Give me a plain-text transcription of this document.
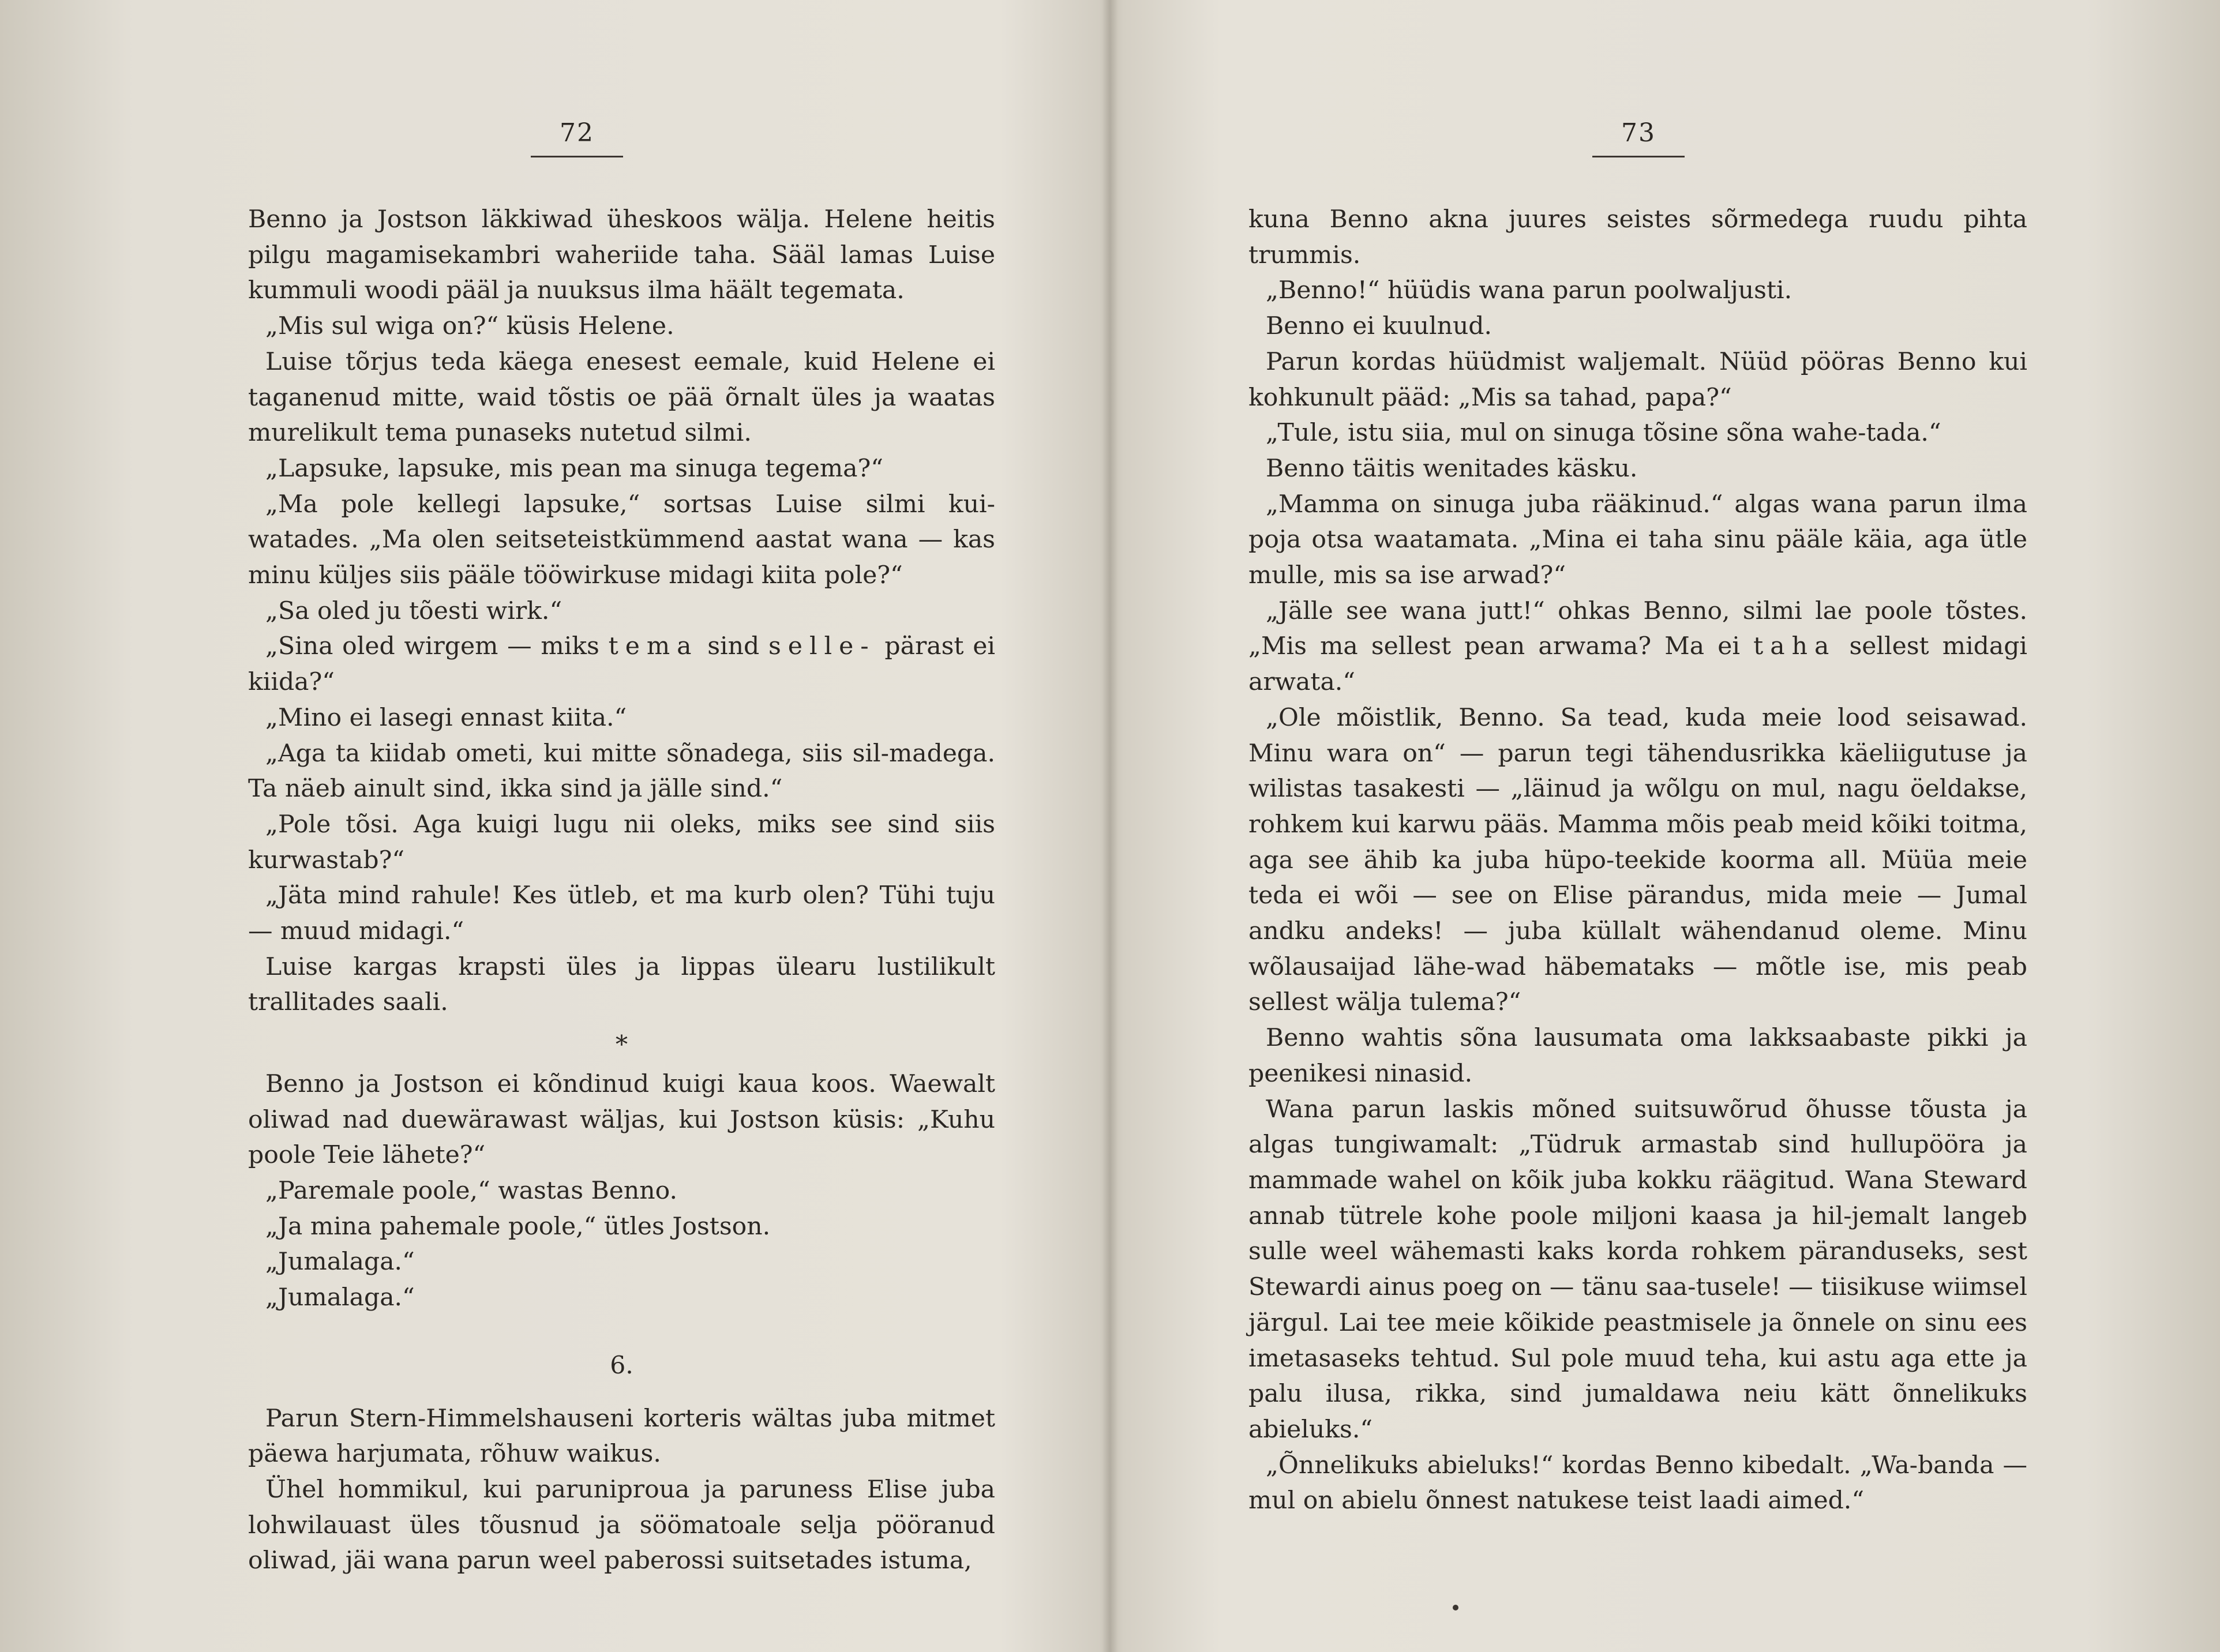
72

Benno ja Jostson läkkiwad üheskoos wälja. Helene heitis pilgu magamisekambri waheriide taha. Sääl lamas Luise kummuli woodi pääl ja nuuksus ilma häält tegemata.

„Mis sul wiga on?“ küsis Helene.

Luise tõrjus teda käega enesest eemale, kuid Helene ei taganenud mitte, waid tõstis oe pää õrnalt üles ja waatas murelikult tema punaseks nutetud silmi.

„Lapsuke, lapsuke, mis pean ma sinuga tegema?“

„Ma pole kellegi lapsuke,“ sortsas Luise silmi kui-watades. „Ma olen seitseteistkümmend aastat wana — kas minu küljes siis pääle tööwirkuse midagi kiita pole?“

„Sa oled ju tõesti wirk.“

„Sina oled wirgem — miks tema sind selle- pärast ei kiida?“

„Mino ei lasegi ennast kiita.“

„Aga ta kiidab ometi, kui mitte sõnadega, siis sil-madega. Ta näeb ainult sind, ikka sind ja jälle sind.“

„Pole tõsi. Aga kuigi lugu nii oleks, miks see sind siis kurwastab?“

„Jäta mind rahule! Kes ütleb, et ma kurb olen? Tühi tuju — muud midagi.“

Luise kargas krapsti üles ja lippas ülearu lustilikult trallitades saali.

*

Benno ja Jostson ei kõndinud kuigi kaua koos. Waewalt oliwad nad duewärawast wäljas, kui Jostson küsis: „Kuhu poole Teie lähete?“

„Paremale poole,“ wastas Benno.

„Ja mina pahemale poole,“ ütles Jostson.

„Jumalaga.“

„Jumalaga.“

6.

Parun Stern-Himmelshauseni korteris wältas juba mitmet päewa harjumata, rõhuw waikus.

Ühel hommikul, kui paruniproua ja paruness Elise juba lohwilauast üles tõusnud ja söömatoale selja pööranud oliwad, jäi wana parun weel paberossi suitsetades istuma,

73

kuna Benno akna juures seistes sõrmedega ruudu pihta trummis.

„Benno!“ hüüdis wana parun poolwaljusti.

Benno ei kuulnud.

Parun kordas hüüdmist waljemalt. Nüüd pööras Benno kui kohkunult pääd: „Mis sa tahad, papa?“

„Tule, istu siia, mul on sinuga tõsine sõna wahe-tada.“

Benno täitis wenitades käsku.

„Mamma on sinuga juba rääkinud.“ algas wana parun ilma poja otsa waatamata. „Mina ei taha sinu pääle käia, aga ütle mulle, mis sa ise arwad?“

„Jälle see wana jutt!“ ohkas Benno, silmi lae poole tõstes. „Mis ma sellest pean arwama? Ma ei taha sellest midagi arwata.“

„Ole mõistlik, Benno. Sa tead, kuda meie lood seisawad. Minu wara on“ — parun tegi tähendusrikka käeliigutuse ja wilistas tasakesti — „läinud ja wõlgu on mul, nagu öeldakse, rohkem kui karwu pääs. Mamma mõis peab meid kõiki toitma, aga see ähib ka juba hüpo-teekide koorma all. Müüa meie teda ei wõi — see on Elise pärandus, mida meie — Jumal andku andeks! — juba küllalt wähendanud oleme. Minu wõlausaijad lähe-wad häbemataks — mõtle ise, mis peab sellest wälja tulema?“

Benno wahtis sõna lausumata oma lakksaabaste pikki ja peenikesi ninasid.

Wana parun laskis mõned suitsuwõrud õhusse tõusta ja algas tungiwamalt: „Tüdruk armastab sind hullupööra ja mammade wahel on kõik juba kokku räägitud. Wana Steward annab tütrele kohe poole miljoni kaasa ja hil-jemalt langeb sulle weel wähemasti kaks korda rohkem päranduseks, sest Stewardi ainus poeg on — tänu saa-tusele! — tiisikuse wiimsel järgul. Lai tee meie kõikide peastmisele ja õnnele on sinu ees imetasaseks tehtud. Sul pole muud teha, kui astu aga ette ja palu ilusa, rikka, sind jumaldawa neiu kätt õnnelikuks abieluks.“

„Õnnelikuks abieluks!“ kordas Benno kibedalt. „Wa-banda — mul on abielu õnnest natukese teist laadi aimed.“
